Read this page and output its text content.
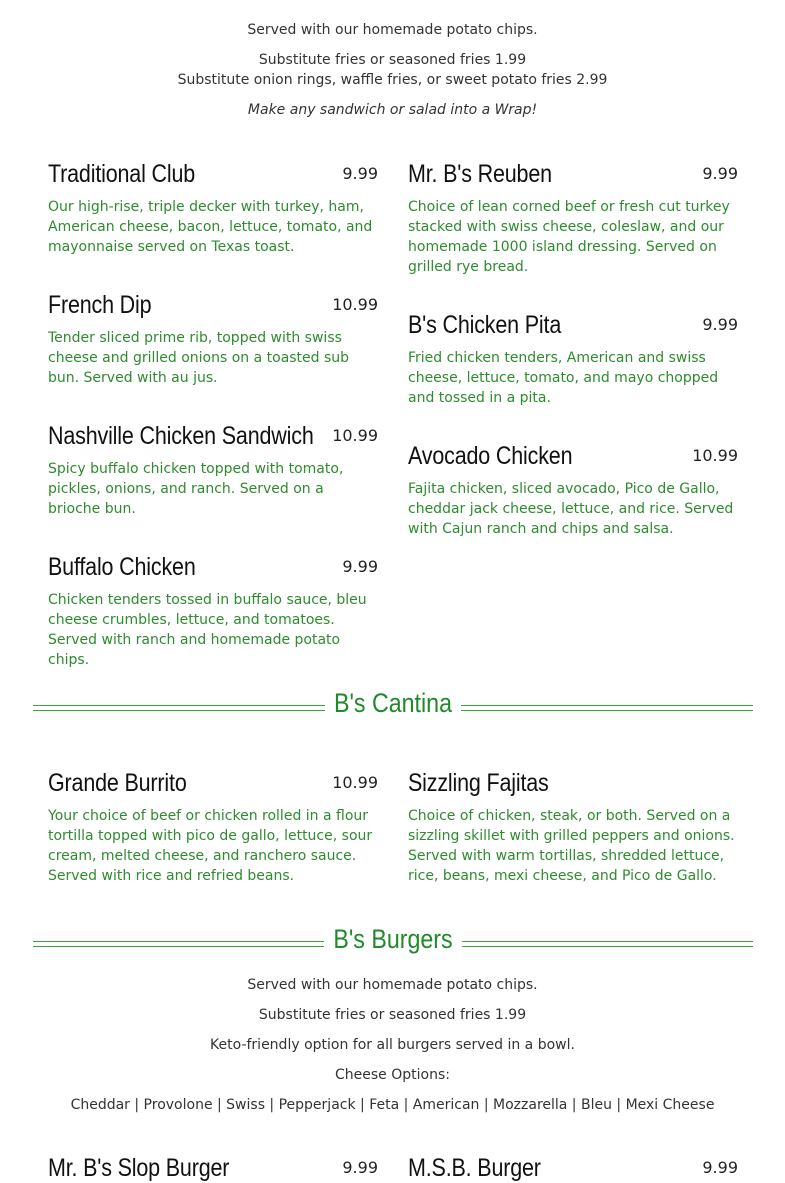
Served with our homemade potato chips.
Substitute fries or seasoned fries 1.99
Substitute onion rings, waffle fries, or sweet potato fries 2.99
Make any sandwich or salad into a Wrap!
Traditional Club	9.99
Our high-rise, triple decker with turkey, ham, American cheese, bacon, lettuce, tomato, and mayonnaise served on Texas toast.
French Dip	10.99
Tender sliced prime rib, topped with swiss cheese and grilled onions on a toasted sub bun. Served with au jus.
Nashville Chicken Sandwich 10.99
Spicy buffalo chicken topped with tomato, pickles, onions, and ranch. Served on a brioche bun.
Buffalo Chicken	9.99
Chicken tenders tossed in buffalo sauce, bleu cheese crumbles, lettuce, and tomatoes. Served with ranch and homemade potato chips.
Mr. B's Reuben	9.99
Choice of lean corned beef or fresh cut turkey stacked with swiss cheese, coleslaw, and our homemade 1000 island dressing. Served on grilled rye bread.
B's Chicken Pita	9.99
Fried chicken tenders, American and swiss cheese, lettuce, tomato, and mayo chopped and tossed in a pita.
Avocado Chicken	10.99
Fajita chicken, sliced avocado, Pico de Gallo, cheddar jack cheese, lettuce, and rice. Served with Cajun ranch and chips and salsa.
B's Cantina
Grande Burrito	10.99
Your choice of beef or chicken rolled in a flour tortilla topped with pico de gallo, lettuce, sour cream, melted cheese, and ranchero sauce. Served with rice and refried beans.
Sizzling Fajitas
Choice of chicken, steak, or both. Served on a sizzling skillet with grilled peppers and onions. Served with warm tortillas, shredded lettuce, rice, beans, mexi cheese, and Pico de Gallo.
B's Burgers
Served with our homemade potato chips.
Substitute fries or seasoned fries 1.99
Keto-friendly option for all burgers served in a bowl.
Cheese Options:
Cheddar | Provolone | Swiss | Pepperjack | Feta | American | Mozzarella | Bleu | Mexi Cheese
Mr. B's Slop Burger	9.99 M.S.B. Burger	9.99
